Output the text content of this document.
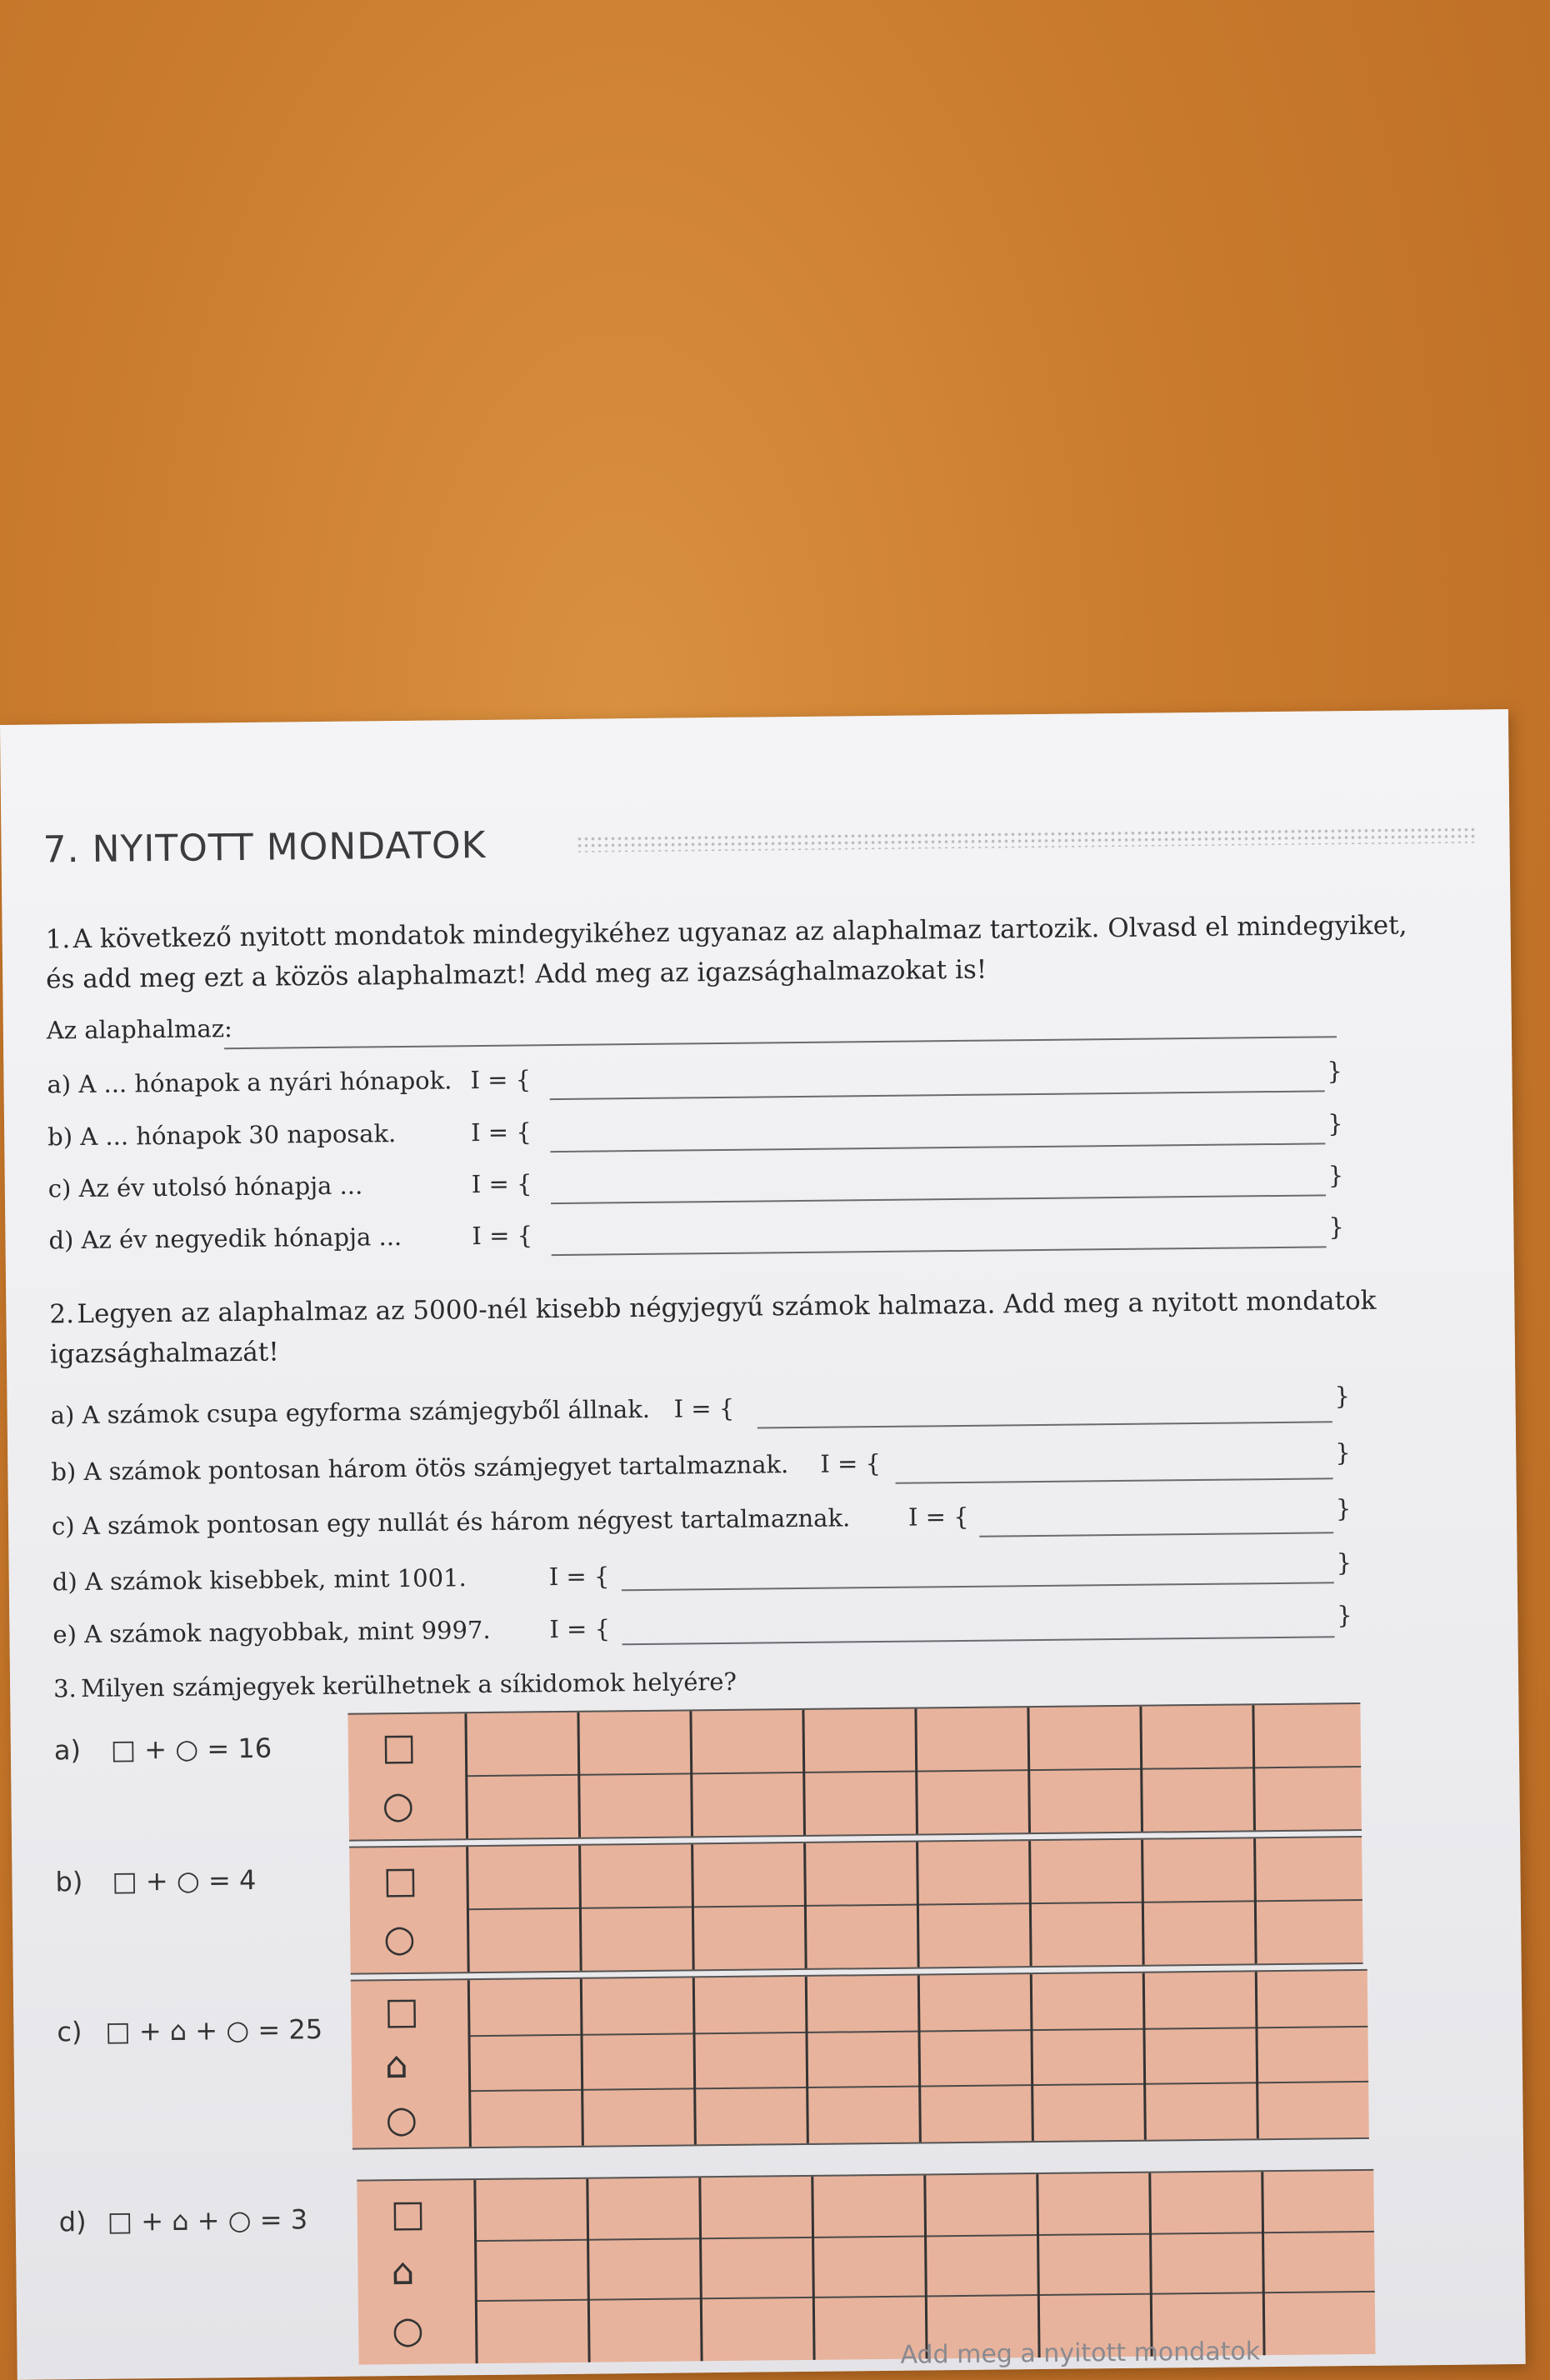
7. NYITOTT MONDATOK
1. A következő nyitott mondatok mindegyikéhez ugyanaz az alaphalmaz tartozik. Olvasd el mindegyiket,
és add meg ezt a közös alaphalmazt! Add meg az igazsághalmazokat is!
Az alaphalmaz:
a) A ... hónapok a nyári hónapok. I = {	}
b) A ... hónapok 30 naposak.	I = {	}
c) Az év utolsó hónapja ...	I = {	}
d) Az év negyedik hónapja ...	I = {	}
2. Legyen az alaphalmaz az 5000-nél kisebb négyjegyű számok halmaza. Add meg a nyitott mondatok
igazsághalmazát!
a) A számok csupa egyforma számjegyből állnak. I = {	}
b) A számok pontosan három ötös számjegyet tartalmaznak. I = {	}
c) A számok pontosan egy nullát és három négyest tartalmaznak. I = {	}
d) A számok kisebbek, mint 1001.	I = {	}
e) A számok nagyobbak, mint 9997. I = {	}
3. Milyen számjegyek kerülhetnek a síkidomok helyére?
a) □ + ○ = 16	□
○
b) □ + ○ = 4	□
○
c) □ + ⌂ + ○ = 25 □
⌂
○
d) □ + ⌂ + ○ = 3 □
⌂
○
Add meg a nyitott mondatok
